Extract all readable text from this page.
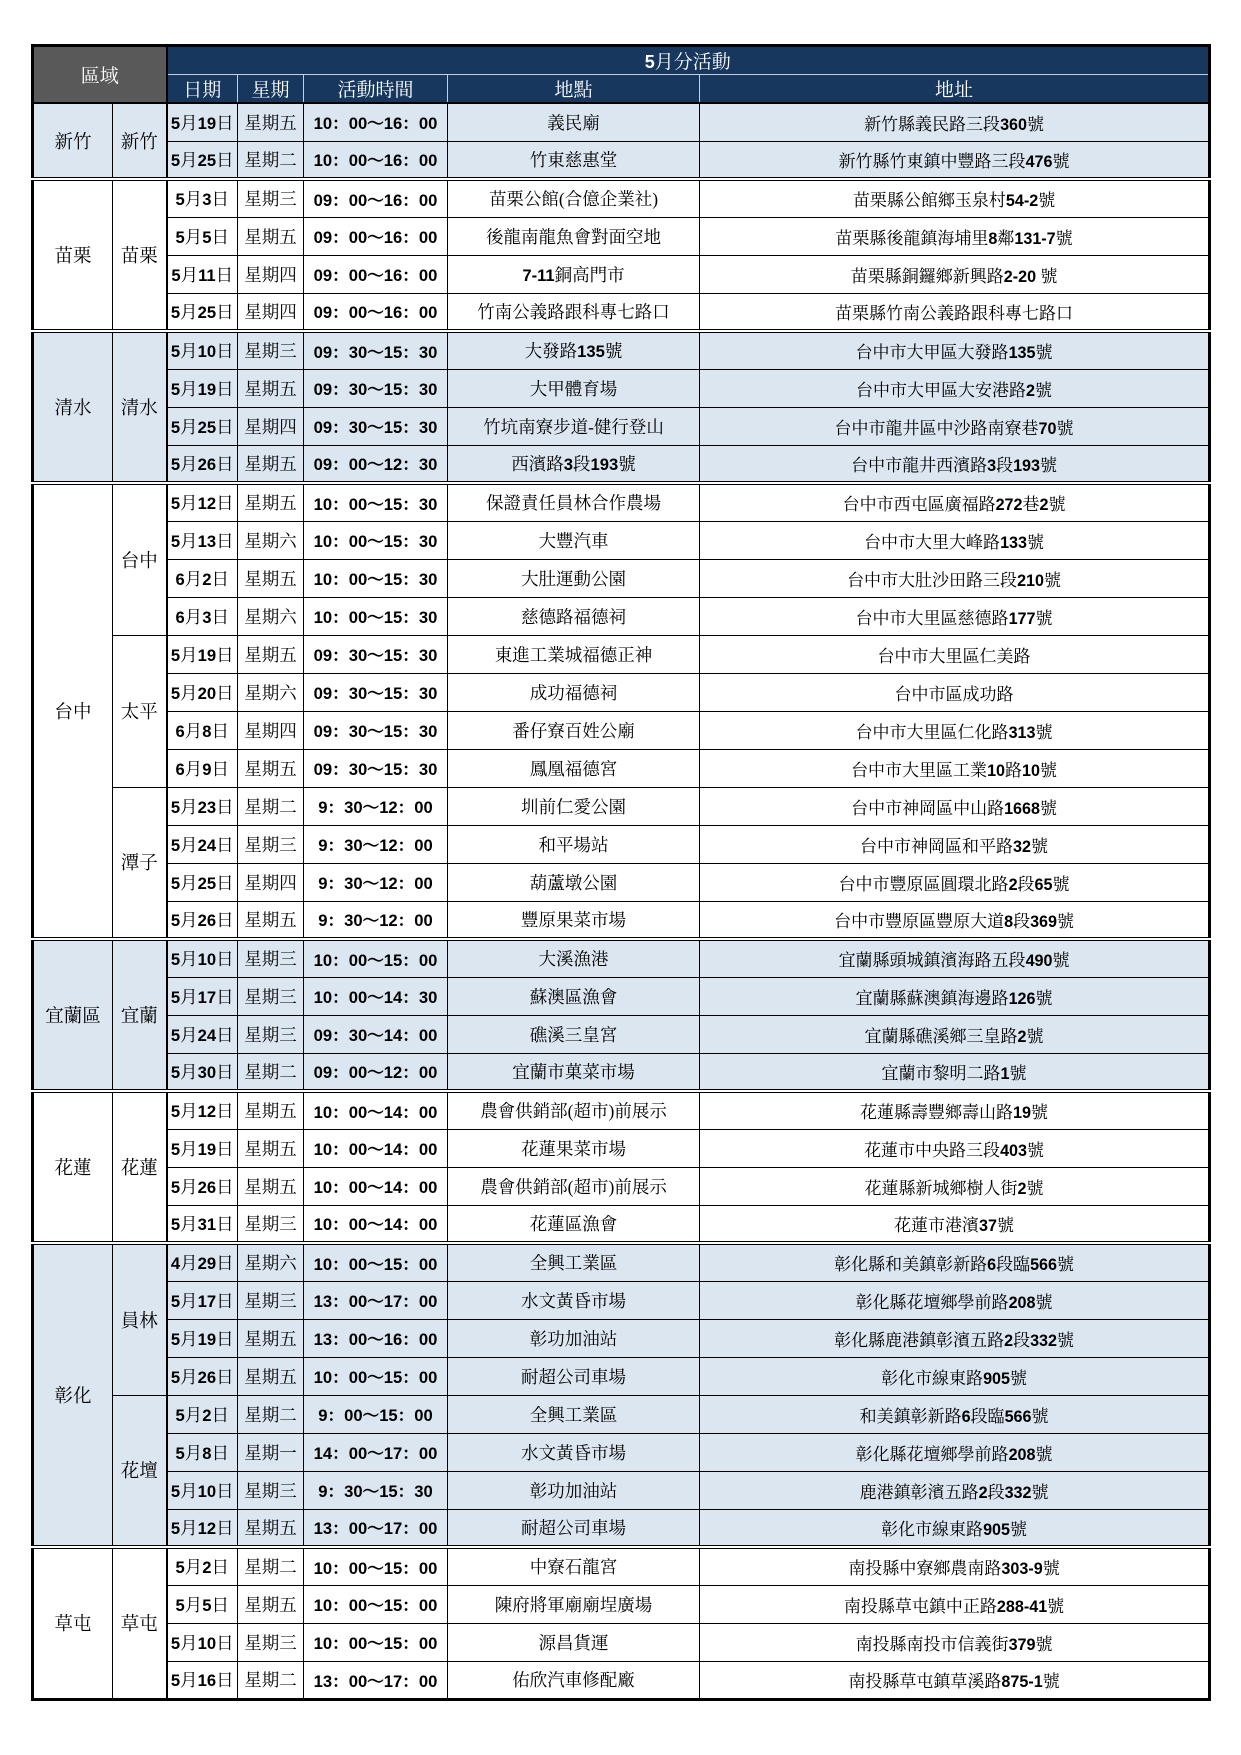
區域		5月分活動				
		日期	星期	活動時間	地點	地址
新竹	新竹	5月19日	星期五	10：00～16：00	義民廟	新竹縣義民路三段360號
		5月25日	星期二	10：00～16：00	竹東慈惠堂	新竹縣竹東鎮中豐路三段476號
苗栗	苗栗	5月3日	星期三	09：00～16：00	苗栗公館(合億企業社)	苗栗縣公館鄉玉泉村54-2號
		5月5日	星期五	09：00～16：00	後龍南龍魚會對面空地	苗栗縣後龍鎮海埔里8鄰131-7號
		5月11日	星期四	09：00～16：00	7-11銅高門市	苗栗縣銅鑼鄉新興路2-20 號
		5月25日	星期四	09：00～16：00	竹南公義路跟科專七路口	苗栗縣竹南公義路跟科專七路口
清水	清水	5月10日	星期三	09：30～15：30	大發路135號	台中市大甲區大發路135號
		5月19日	星期五	09：30～15：30	大甲體育場	台中市大甲區大安港路2號
		5月25日	星期四	09：30～15：30	竹坑南寮步道-健行登山	台中市龍井區中沙路南寮巷70號
		5月26日	星期五	09：00～12：30	西濱路3段193號	台中市龍井西濱路3段193號
台中	台中	5月12日	星期五	10：00～15：30	保證責任員林合作農場	台中市西屯區廣福路272巷2號
		5月13日	星期六	10：00～15：30	大豐汽車	台中市大里大峰路133號
		6月2日	星期五	10：00～15：30	大肚運動公園	台中市大肚沙田路三段210號
		6月3日	星期六	10：00～15：30	慈德路福德祠	台中市大里區慈德路177號
	太平	5月19日	星期五	09：30～15：30	東進工業城福德正神	台中市大里區仁美路
		5月20日	星期六	09：30～15：30	成功福德祠	台中市區成功路
		6月8日	星期四	09：30～15：30	番仔寮百姓公廟	台中市大里區仁化路313號
		6月9日	星期五	09：30～15：30	鳳凰福德宮	台中市大里區工業10路10號
	潭子	5月23日	星期二	9：30～12：00	圳前仁愛公園	台中市神岡區中山路1668號
		5月24日	星期三	9：30～12：00	和平場站	台中市神岡區和平路32號
		5月25日	星期四	9：30～12：00	葫蘆墩公園	台中市豐原區圓環北路2段65號
		5月26日	星期五	9：30～12：00	豐原果菜市場	台中市豐原區豐原大道8段369號
宜蘭區	宜蘭	5月10日	星期三	10：00～15：00	大溪漁港	宜蘭縣頭城鎮濱海路五段490號
		5月17日	星期三	10：00～14：30	蘇澳區漁會	宜蘭縣蘇澳鎮海邊路126號
		5月24日	星期三	09：30～14：00	礁溪三皇宮	宜蘭縣礁溪鄉三皇路2號
		5月30日	星期二	09：00～12：00	宜蘭市菓菜市場	宜蘭市黎明二路1號
花蓮	花蓮	5月12日	星期五	10：00～14：00	農會供銷部(超市)前展示	花蓮縣壽豐鄉壽山路19號
		5月19日	星期五	10：00～14：00	花蓮果菜市場	花蓮市中央路三段403號
		5月26日	星期五	10：00～14：00	農會供銷部(超市)前展示	花蓮縣新城鄉樹人街2號
		5月31日	星期三	10：00～14：00	花蓮區漁會	花蓮市港濱37號
彰化	員林	4月29日	星期六	10：00～15：00	全興工業區	彰化縣和美鎮彰新路6段臨566號
		5月17日	星期三	13：00～17：00	水文黃昏市場	彰化縣花壇鄉學前路208號
		5月19日	星期五	13：00～16：00	彰功加油站	彰化縣鹿港鎮彰濱五路2段332號
		5月26日	星期五	10：00～15：00	耐超公司車場	彰化市線東路905號
	花壇	5月2日	星期二	9：00～15：00	全興工業區	和美鎮彰新路6段臨566號
		5月8日	星期一	14：00～17：00	水文黃昏市場	彰化縣花壇鄉學前路208號
		5月10日	星期三	9：30～15：30	彰功加油站	鹿港鎮彰濱五路2段332號
		5月12日	星期五	13：00～17：00	耐超公司車場	彰化市線東路905號
草屯	草屯	5月2日	星期二	10：00～15：00	中寮石龍宮	南投縣中寮鄉農南路303-9號
		5月5日	星期五	10：00～15：00	陳府將軍廟廟埕廣場	南投縣草屯鎮中正路288-41號
		5月10日	星期三	10：00～15：00	源昌貨運	南投縣南投市信義街379號
		5月16日	星期二	13：00～17：00	佑欣汽車修配廠	南投縣草屯鎮草溪路875-1號
